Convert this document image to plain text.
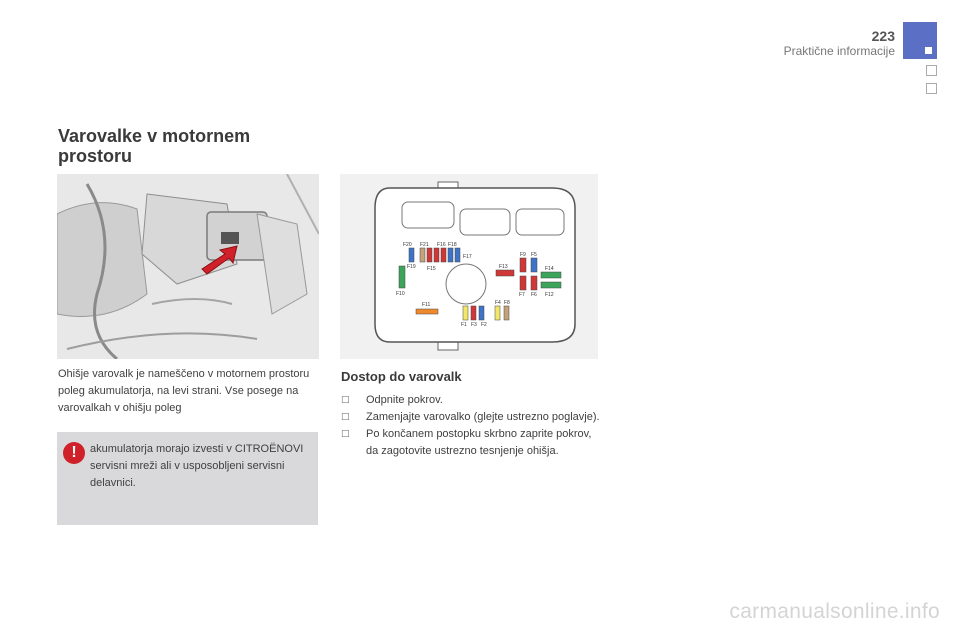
223
Praktične informacije
Varovalke v motornem
prostoru
F20 F21 F16 F18
F17
F19 F15	F13
F9 F5
F14
F10	F7 F6 F12
F11	F4 F8
F1 F3 F2
Ohišje varovalk je nameščeno v motornem prostoru poleg akumulatorja, na levi strani. Vse posege na varovalkah v ohišju poleg
!	akumulatorja morajo izvesti v CITROËNOVI servisni mreži ali v usposobljeni servisni delavnici.
Dostop do varovalk
□ Odpnite pokrov.
□ Zamenjajte varovalko (glejte ustrezno poglavje).
□ Po končanem postopku skrbno zaprite pokrov, da zagotovite ustrezno tesnjenje ohišja.
carmanualsonline.info
